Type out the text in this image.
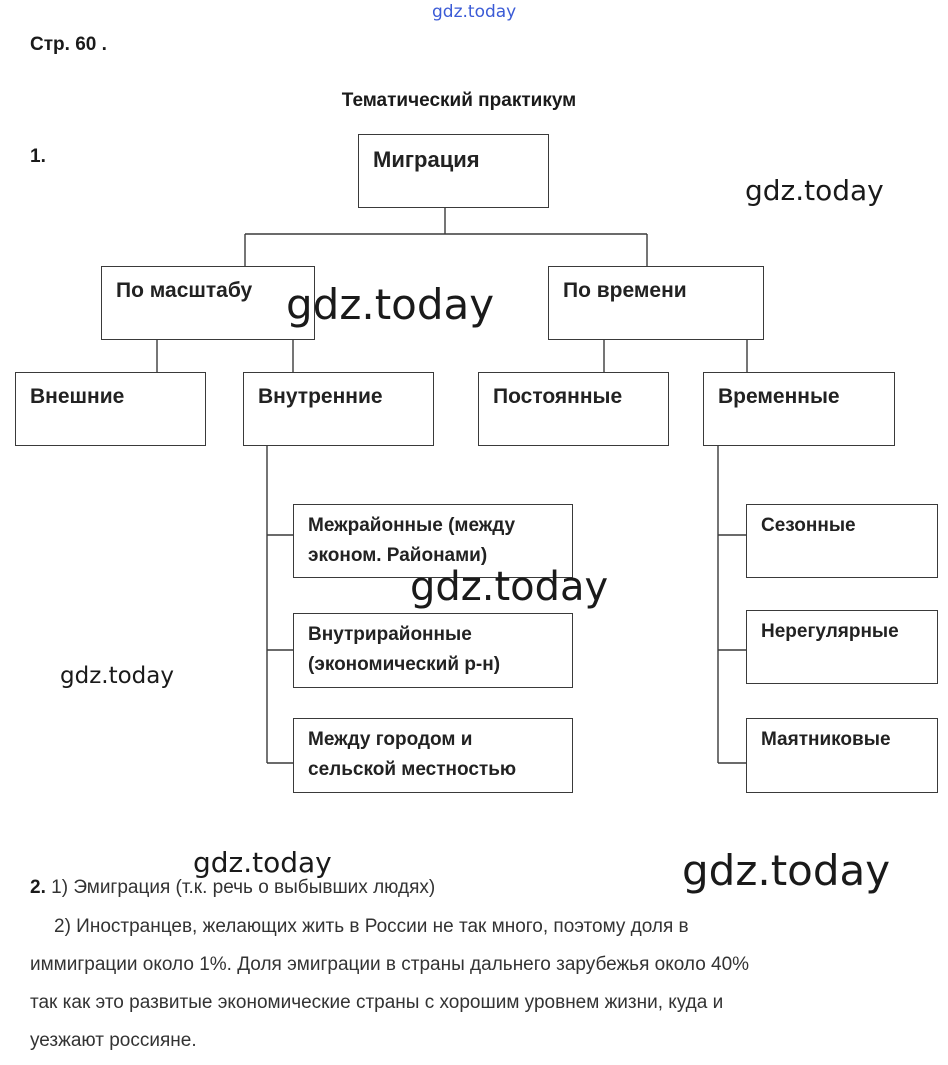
Стр. 60 .
Тематический практикум
1.	Миграция
По масштабу	По времени
Внешние	Внутренние	Постоянные	Временные
Межрайонные (между
эконом. Районами)
Внутрирайонные
(экономический р-н)
Между городом и
сельской местностью
Сезонные
Нерегулярные
Маятниковые
2. 1) Эмиграция (т.к. речь о выбывших людях)
2) Иностранцев, желающих жить в России не так много, поэтому доля в
иммиграции около 1%. Доля эмиграции в страны дальнего зарубежья около 40%
так как это развитые экономические страны с хорошим уровнем жизни, куда и
уезжают россияне.
gdz.today
gdz.today
gdz.today
gdz.today
gdz.today
gdz.today	gdz.today
